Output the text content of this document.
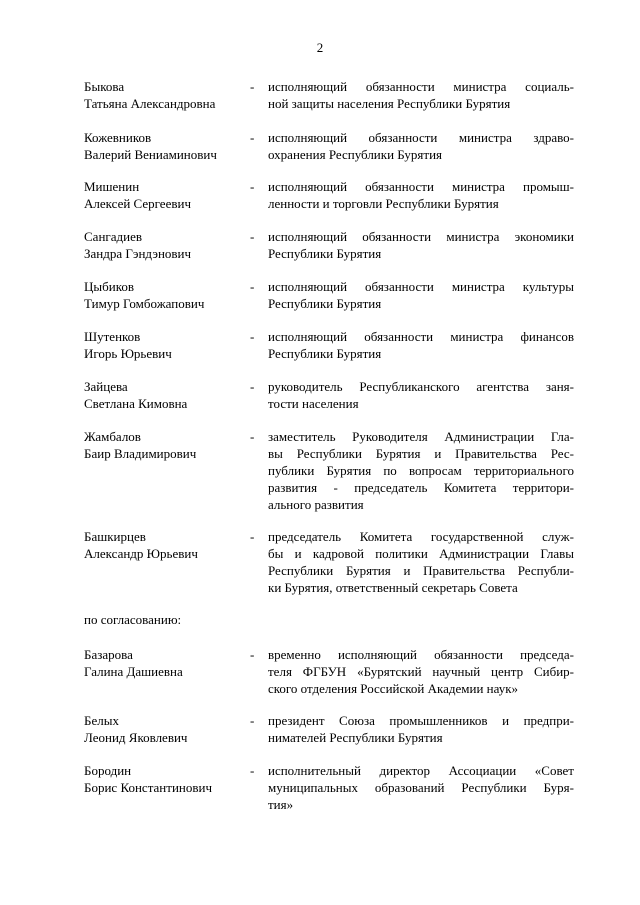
2
Быкова
Татьяна Александровна
- исполняющий обязанности министра социаль-
ной защиты населения Республики Бурятия
Кожевников
Валерий Вениаминович
- исполняющий обязанности министра здраво-
охранения Республики Бурятия
Мишенин
Алексей Сергеевич
- исполняющий обязанности министра промыш-
ленности и торговли Республики Бурятия
Сангадиев
Зандра Гэндэнович
- исполняющий обязанности министра экономики
Республики Бурятия
Цыбиков
Тимур Гомбожапович
- исполняющий обязанности министра культуры
Республики Бурятия
Шутенков
Игорь Юрьевич
- исполняющий обязанности министра финансов
Республики Бурятия
Зайцева
Светлана Кимовна
- руководитель Республиканского агентства заня-
тости населения
Жамбалов
Баир Владимирович
- заместитель Руководителя Администрации Гла-
вы Республики Бурятия и Правительства Рес-
публики Бурятия по вопросам территориального
развития - председатель Комитета территори-
ального развития
Башкирцев
Александр Юрьевич
- председатель Комитета государственной служ-
бы и кадровой политики Администрации Главы
Республики Бурятия и Правительства Республи-
ки Бурятия, ответственный секретарь Совета
по согласованию:
Базарова
Галина Дашиевна
- временно исполняющий обязанности председа-
теля ФГБУН «Бурятский научный центр Сибир-
ского отделения Российской Академии наук»
Белых
Леонид Яковлевич
- президент Союза промышленников и предпри-
нимателей Республики Бурятия
Бородин
Борис Константинович
- исполнительный директор Ассоциации «Совет
муниципальных образований Республики Буря-
тия»
